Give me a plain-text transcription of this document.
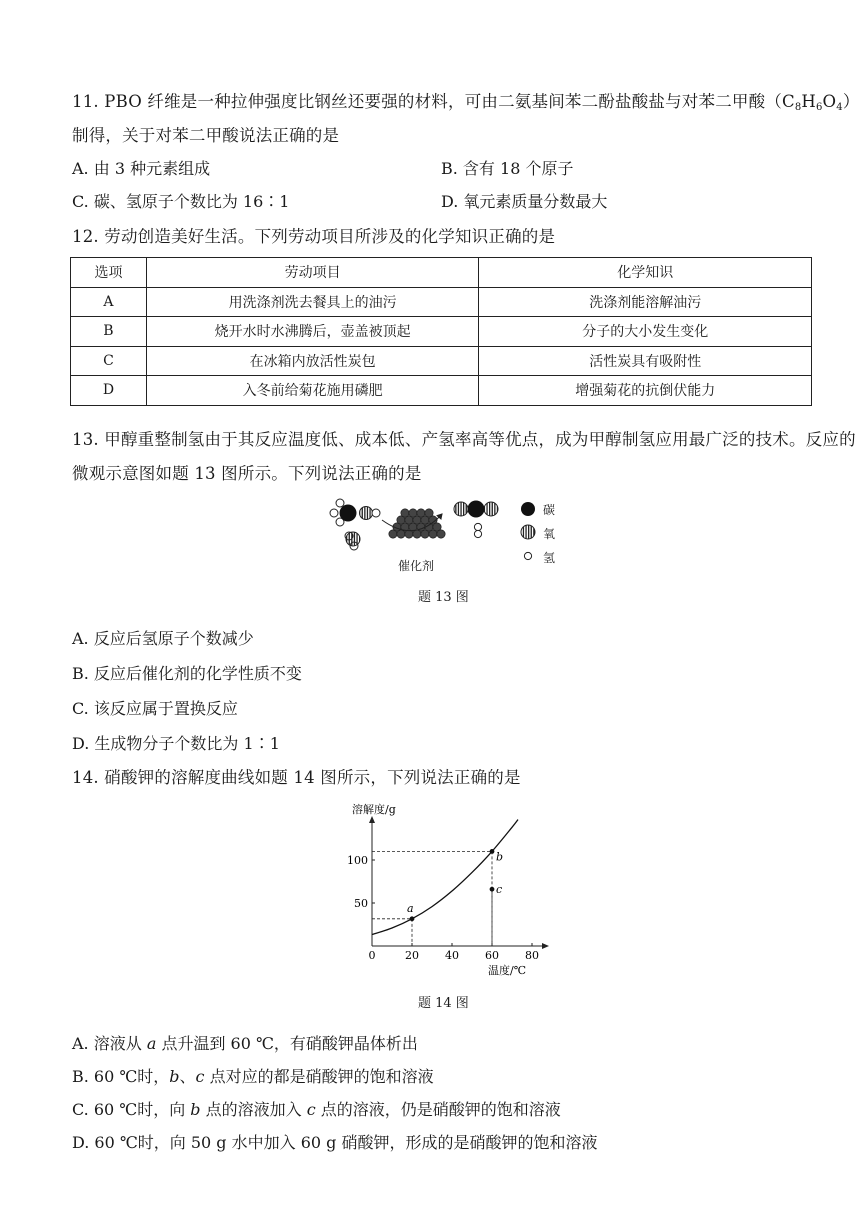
11. PBO 纤维是一种拉伸强度比钢丝还要强的材料，可由二氨基间苯二酚盐酸盐与对苯二甲酸$(C_8H_6O_4)$
制得，关于对苯二甲酸说法正确的是
A. 由 3 种元素组成	B. 含有 18 个原子
C. 碳、氢原子个数比为 16∶1	D. 氧元素质量分数最大
12. 劳动创造美好生活。下列劳动项目所涉及的化学知识正确的是
选项	劳动项目	化学知识
A	用洗涤剂洗去餐具上的油污	洗涤剂能溶解油污
B	烧开水时水沸腾后，壶盖被顶起	分子的大小发生变化
C	在冰箱内放活性炭包	活性炭具有吸附性
D	入冬前给菊花施用磷肥	增强菊花的抗倒伏能力
13. 甲醇重整制氢由于其反应温度低、成本低、产氢率高等优点，成为甲醇制氢应用最广泛的技术。反应的
微观示意图如题 13 图所示。下列说法正确的是
催化剂
碳
氧
氢
题 13 图
A. 反应后氢原子个数减少
B. 反应后催化剂的化学性质不变
C. 该反应属于置换反应
D. 生成物分子个数比为 1∶1
14. 硝酸钾的溶解度曲线如题 14 图所示，下列说法正确的是
溶解度/g
温度/℃
0	20 40 60 80
50
100
a
b
c
题 14 图
A. 溶液从 a 点升温到 60 ℃，有硝酸钾晶体析出
B. 60 ℃时，b、c 点对应的都是硝酸钾的饱和溶液
C. 60 ℃时，向 b 点的溶液加入 c 点的溶液，仍是硝酸钾的饱和溶液
D. 60 ℃时，向 50 g 水中加入 60 g 硝酸钾，形成的是硝酸钾的饱和溶液
